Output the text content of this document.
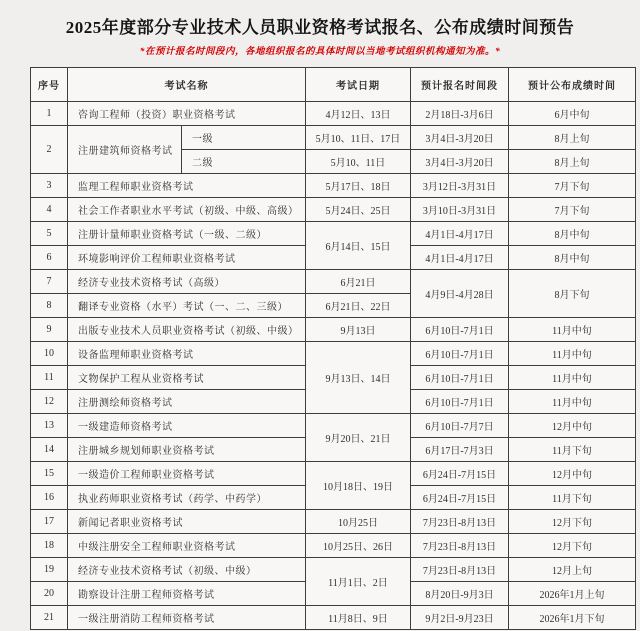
2025年度部分专业技术人员职业资格考试报名、公布成绩时间预告
*在预计报名时间段内，各地组织报名的具体时间以当地考试组织机构通知为准。*
序号	考试名称		考试日期	预计报名时间段	预计公布成绩时间
1	咨询工程师（投资）职业资格考试		4月12日、13日	2月18日-3月6日	6月中旬
2	注册建筑师资格考试	一级	5月10、11日、17日	3月4日-3月20日	8月上旬
		二级	5月10、11日	3月4日-3月20日	8月上旬
3	监理工程师职业资格考试		5月17日、18日	3月12日-3月31日	7月下旬
4	社会工作者职业水平考试（初级、中级、高级）		5月24日、25日	3月10日-3月31日	7月下旬
5	注册计量师职业资格考试（一级、二级）		6月14日、15日	4月1日-4月17日	8月中旬
6	环境影响评价工程师职业资格考试			4月1日-4月17日	8月中旬
7	经济专业技术资格考试（高级）		6月21日	4月9日-4月28日	8月下旬
8	翻译专业资格（水平）考试（一、二、三级）		6月21日、22日		
9	出版专业技术人员职业资格考试（初级、中级）		9月13日	6月10日-7月1日	11月中旬
10	设备监理师职业资格考试		9月13日、14日	6月10日-7月1日	11月中旬
11	文物保护工程从业资格考试			6月10日-7月1日	11月中旬
12	注册测绘师资格考试			6月10日-7月1日	11月中旬
13	一级建造师资格考试		9月20日、21日	6月10日-7月7日	12月中旬
14	注册城乡规划师职业资格考试			6月17日-7月3日	11月下旬
15	一级造价工程师职业资格考试		10月18日、19日	6月24日-7月15日	12月中旬
16	执业药师职业资格考试（药学、中药学）			6月24日-7月15日	11月下旬
17	新闻记者职业资格考试		10月25日	7月23日-8月13日	12月下旬
18	中级注册安全工程师职业资格考试		10月25日、26日	7月23日-8月13日	12月下旬
19	经济专业技术资格考试（初级、中级）		11月1日、2日	7月23日-8月13日	12月上旬
20	勘察设计注册工程师资格考试			8月20日-9月3日	2026年1月上旬
21	一级注册消防工程师资格考试		11月8日、9日	9月2日-9月23日	2026年1月下旬
